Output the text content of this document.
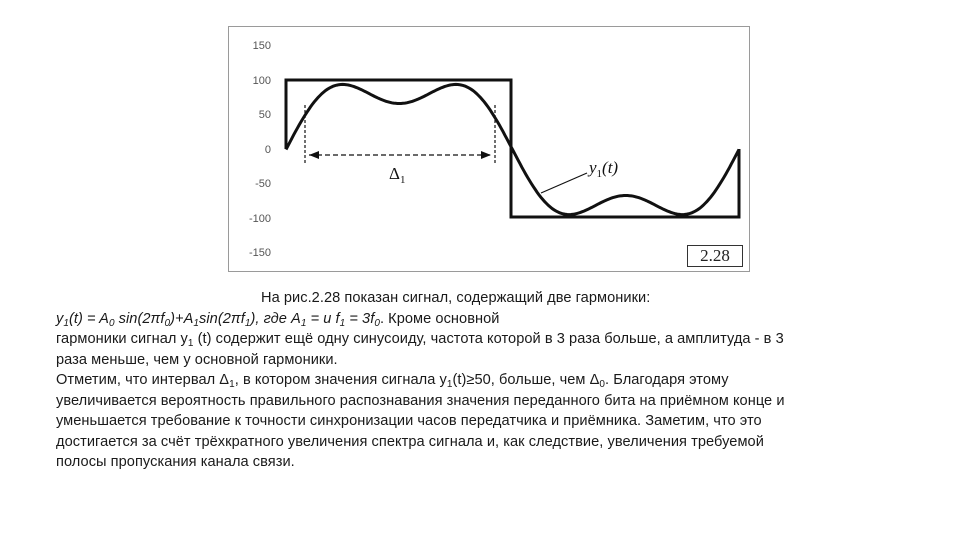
150
100
50
0
-50
-100
-150
$\Delta_1$
$y_1(t)$
2.28

На рис.2.28 показан сигнал, содержащий две гармоники:

$y_1(t) = A_0$ $\sin(2\pi f_0)+A_1\sin(2\pi f_1)$, где $A_1 = и$ $f_1 = 3f_0$. Кроме основной

гармоники сигнал $y_1$ (t) содержит ещё одну синусоиду, частота которой в 3 раза больше, а амплитуда - в 3

раза меньше, чем у основной гармоники.

Отметим, что интервал $\Delta_1$, в котором значения сигнала $y_1(t)\ge 50$, больше, чем $\Delta_0$. Благодаря этому

увеличивается вероятность правильного распознавания значения переданного бита на приёмном конце и

уменьшается требование к точности синхронизации часов передатчика и приёмника. Заметим, что это

достигается за счёт трёхкратного увеличения спектра сигнала и, как следствие, увеличения требуемой

полосы пропускания канала связи.
